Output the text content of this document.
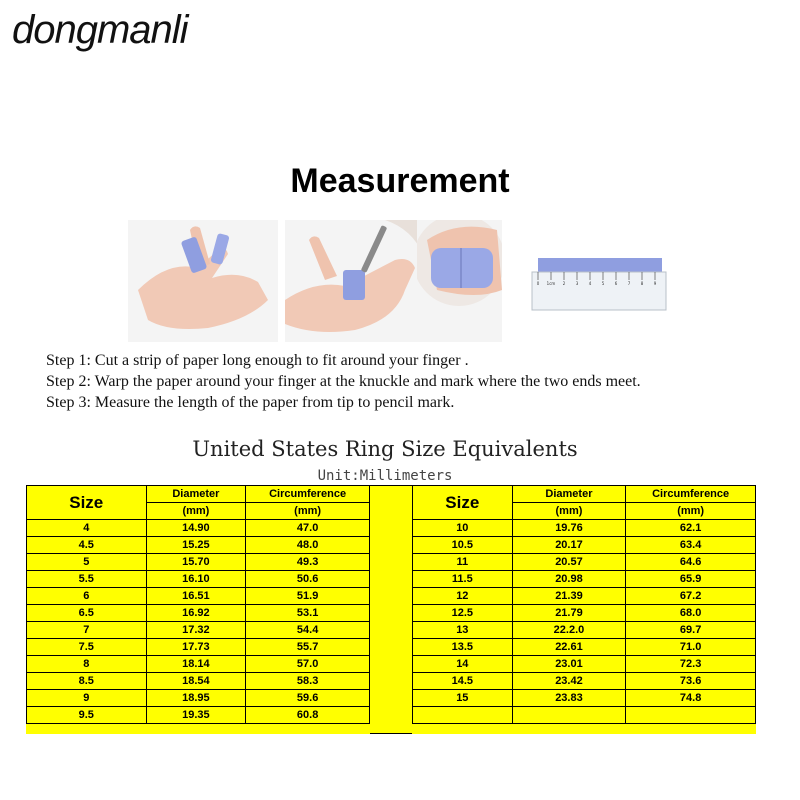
dongmanli
Measurement
0 1cm 2	3	4	5	6	7	8	9
Step 1: Cut a strip of paper long enough to fit around your finger .
Step 2: Warp the paper around your finger at the knuckle and mark where the two ends meet.
Step 3: Measure the length of the paper from tip to pencil mark.
United States Ring Size Equivalents
Unit:Millimeters
Size	Diameter	Circumference
	(mm)	(mm)
4	14.90	47.0
4.5	15.25	48.0
5	15.70	49.3
5.5	16.10	50.6
6	16.51	51.9
6.5	16.92	53.1
7	17.32	54.4
7.5	17.73	55.7
8	18.14	57.0
8.5	18.54	58.3
9	18.95	59.6
9.5	19.35	60.8
Size	Diameter	Circumference
	(mm)	(mm)
10	19.76	62.1
10.5	20.17	63.4
11	20.57	64.6
11.5	20.98	65.9
12	21.39	67.2
12.5	21.79	68.0
13	22.2.0	69.7
13.5	22.61	71.0
14	23.01	72.3
14.5	23.42	73.6
15	23.83	74.8
